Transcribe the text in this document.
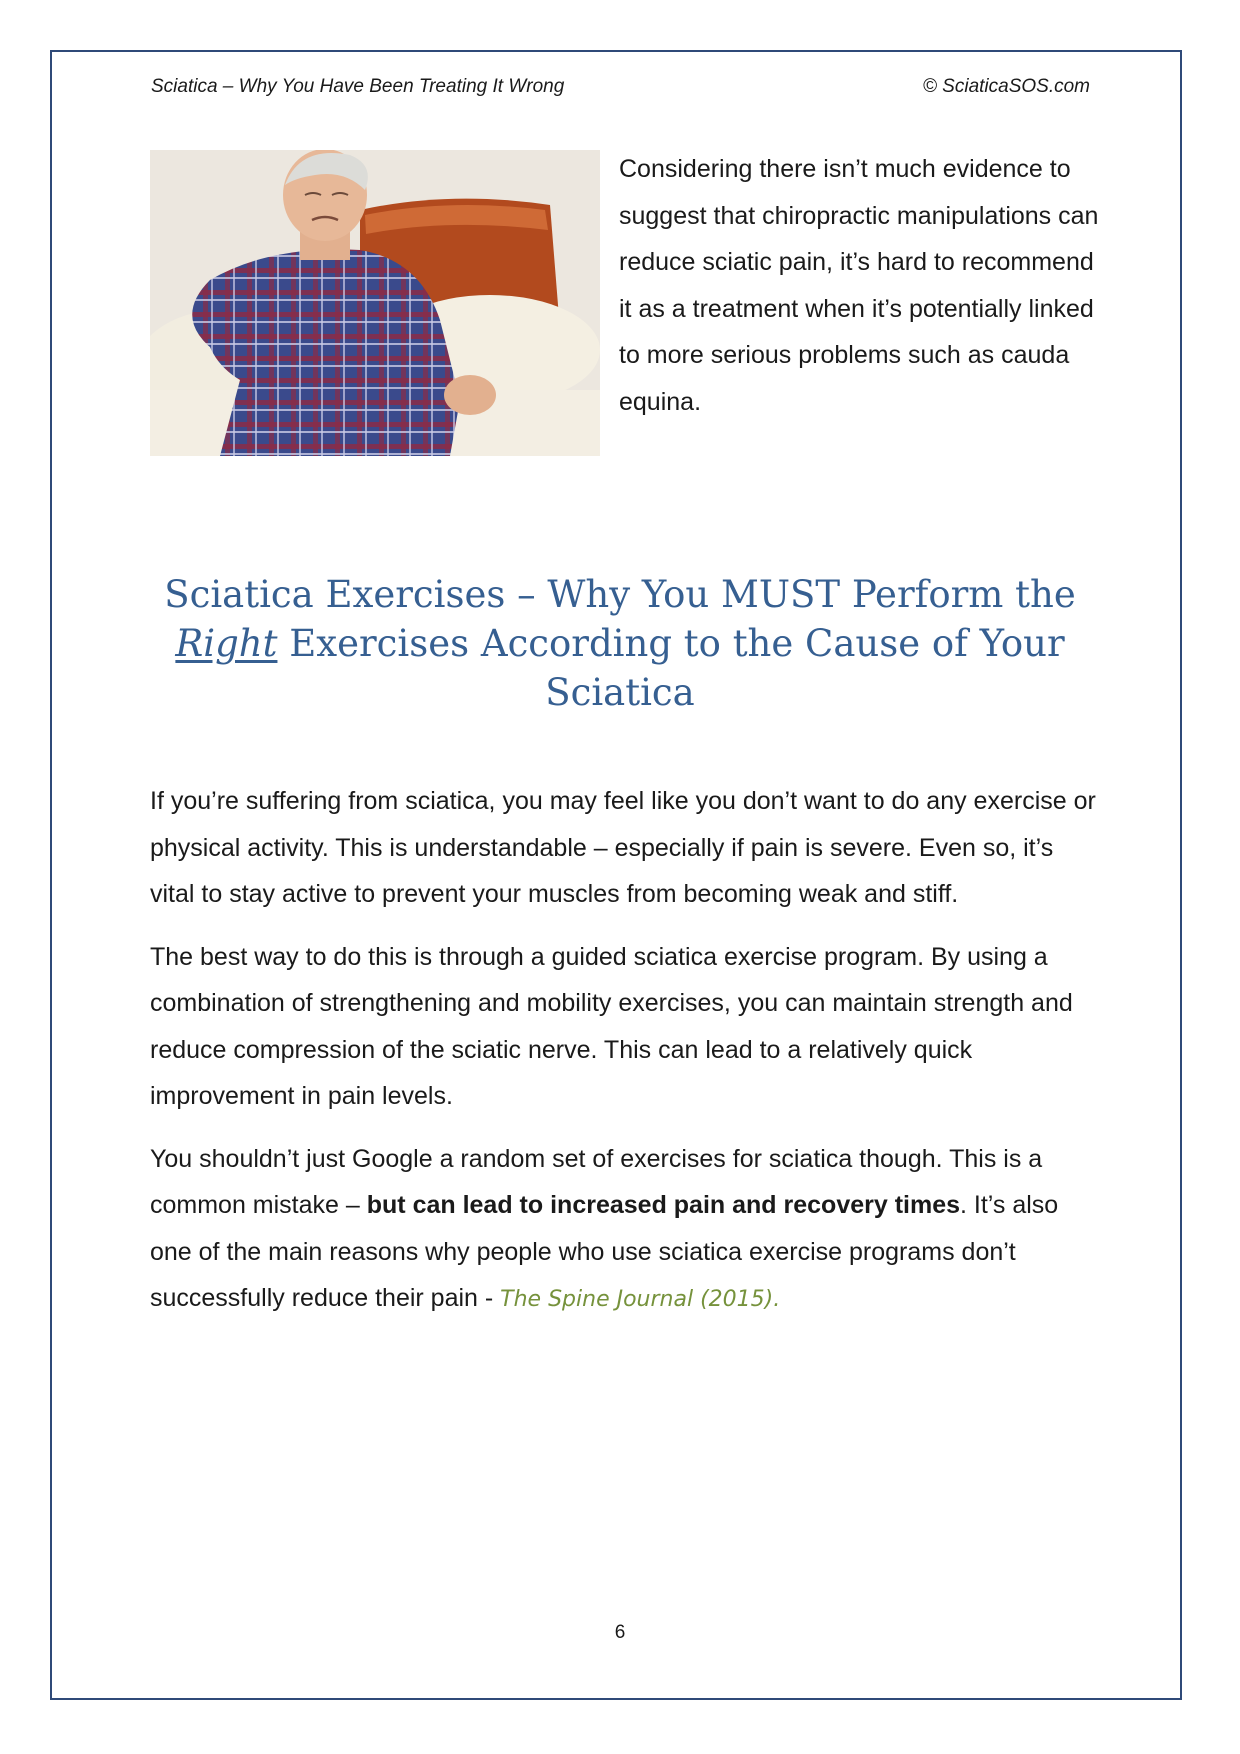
Sciatica – Why You Have Been Treating It Wrong	© SciaticaSOS.com

Considering there isn’t much evidence to suggest that chiropractic manipulations can reduce sciatic pain, it’s hard to recommend it as a treatment when it’s potentially linked to more serious problems such as cauda equina.

Sciatica Exercises – Why You MUST Perform the Right Exercises According to the Cause of Your Sciatica

If you’re suffering from sciatica, you may feel like you don’t want to do any exercise or physical activity. This is understandable – especially if pain is severe. Even so, it’s vital to stay active to prevent your muscles from becoming weak and stiff.

The best way to do this is through a guided sciatica exercise program. By using a combination of strengthening and mobility exercises, you can maintain strength and reduce compression of the sciatic nerve. This can lead to a relatively quick improvement in pain levels.

You shouldn’t just Google a random set of exercises for sciatica though. This is a common mistake – but can lead to increased pain and recovery times. It’s also one of the main reasons why people who use sciatica exercise programs don’t successfully reduce their pain - The Spine Journal (2015).

6
